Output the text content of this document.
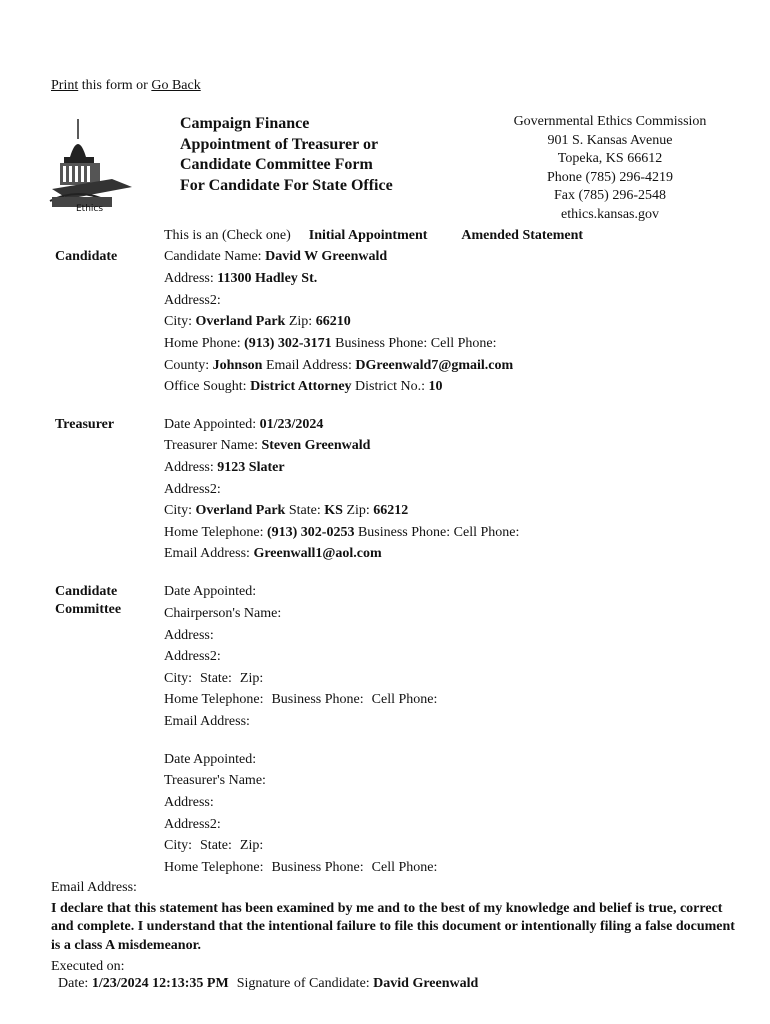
Print this form or Go Back
Ethics
Campaign Finance
Appointment of Treasurer or
Candidate Committee Form
For Candidate For State Office
Governmental Ethics Commission
901 S. Kansas Avenue
Topeka, KS 66612
Phone (785) 296-4219
Fax (785) 296-2548
ethics.kansas.gov
This is an (Check one) Initial Appointment Amended Statement
Candidate	Candidate Name: David W Greenwald
Address: 11300 Hadley St.
Address2:
City: Overland Park Zip: 66210
Home Phone: (913) 302-3171 Business Phone: Cell Phone:
County: Johnson Email Address: DGreenwald7@gmail.com
Office Sought: District Attorney District No.: 10
Treasurer	Date Appointed: 01/23/2024
Treasurer Name: Steven Greenwald
Address: 9123 Slater
Address2:
City: Overland Park State: KS Zip: 66212
Home Telephone: (913) 302-0253 Business Phone: Cell Phone:
Email Address: Greenwall1@aol.com
Candidate
Committee
Date Appointed:
Chairperson's Name:
Address:
Address2:
City: State: Zip:
Home Telephone: Business Phone: Cell Phone:
Email Address:
Date Appointed:
Treasurer's Name:
Address:
Address2:
City: State: Zip:
Home Telephone: Business Phone: Cell Phone:
Email Address:
I declare that this statement has been examined by me and to the best of my knowledge and belief is true, correct and complete. I understand that the intentional failure to file this document or intentionally filing a false document is a class A misdemeanor.
Executed on:
Date: 1/23/2024 12:13:35 PM Signature of Candidate: David Greenwald
